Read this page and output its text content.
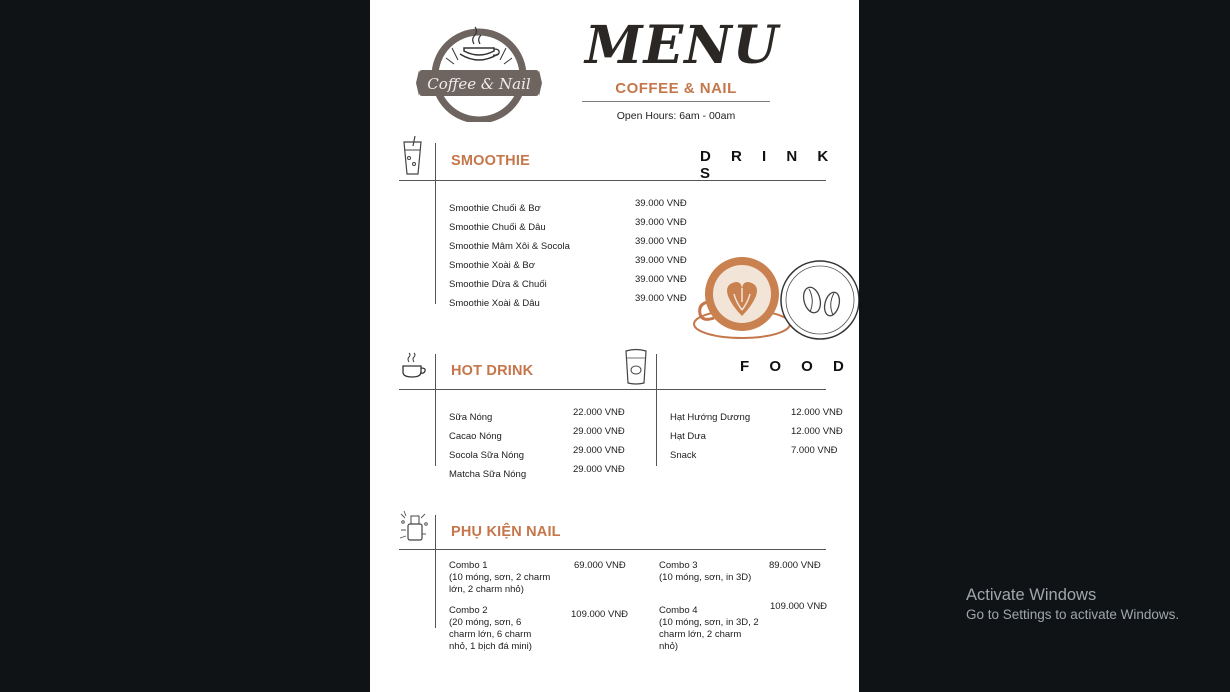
Coffee & Nail
MENU
COFFEE & NAIL
Open Hours: 6am - 00am
SMOOTHIE	D R I N K S
Smoothie Chuối & Bơ	39.000 VNĐ
Smoothie Chuối & Dâu	39.000 VNĐ
Smoothie Mâm Xôi & Socola	39.000 VNĐ
Smoothie Xoài & Bơ	39.000 VNĐ
Smoothie Dừa & Chuối	39.000 VNĐ
Smoothie Xoài & Dâu	39.000 VNĐ
HOT DRINK	F O O D
Sữa Nóng	22.000 VNĐ
Cacao Nóng	29.000 VNĐ
Socola Sữa Nóng	29.000 VNĐ
Matcha Sữa Nóng	29.000 VNĐ
Hạt Hướng Dương	12.000 VNĐ
Hạt Dưa	12.000 VNĐ
Snack	7.000 VNĐ
PHỤ KIỆN NAIL
Combo 1
(10 móng, sơn, 2 charm lớn, 2 charm nhỏ)
69.000 VNĐ
Combo 2
(20 móng, sơn, 6 charm lớn, 6 charm nhỏ, 1 bịch đá mini)
109.000 VNĐ
Combo 3
(10 móng, sơn, in 3D)
89.000 VNĐ
Combo 4
(10 móng, sơn, in 3D, 2 charm lớn, 2 charm nhỏ)
109.000 VNĐ
Activate Windows
Go to Settings to activate Windows.
